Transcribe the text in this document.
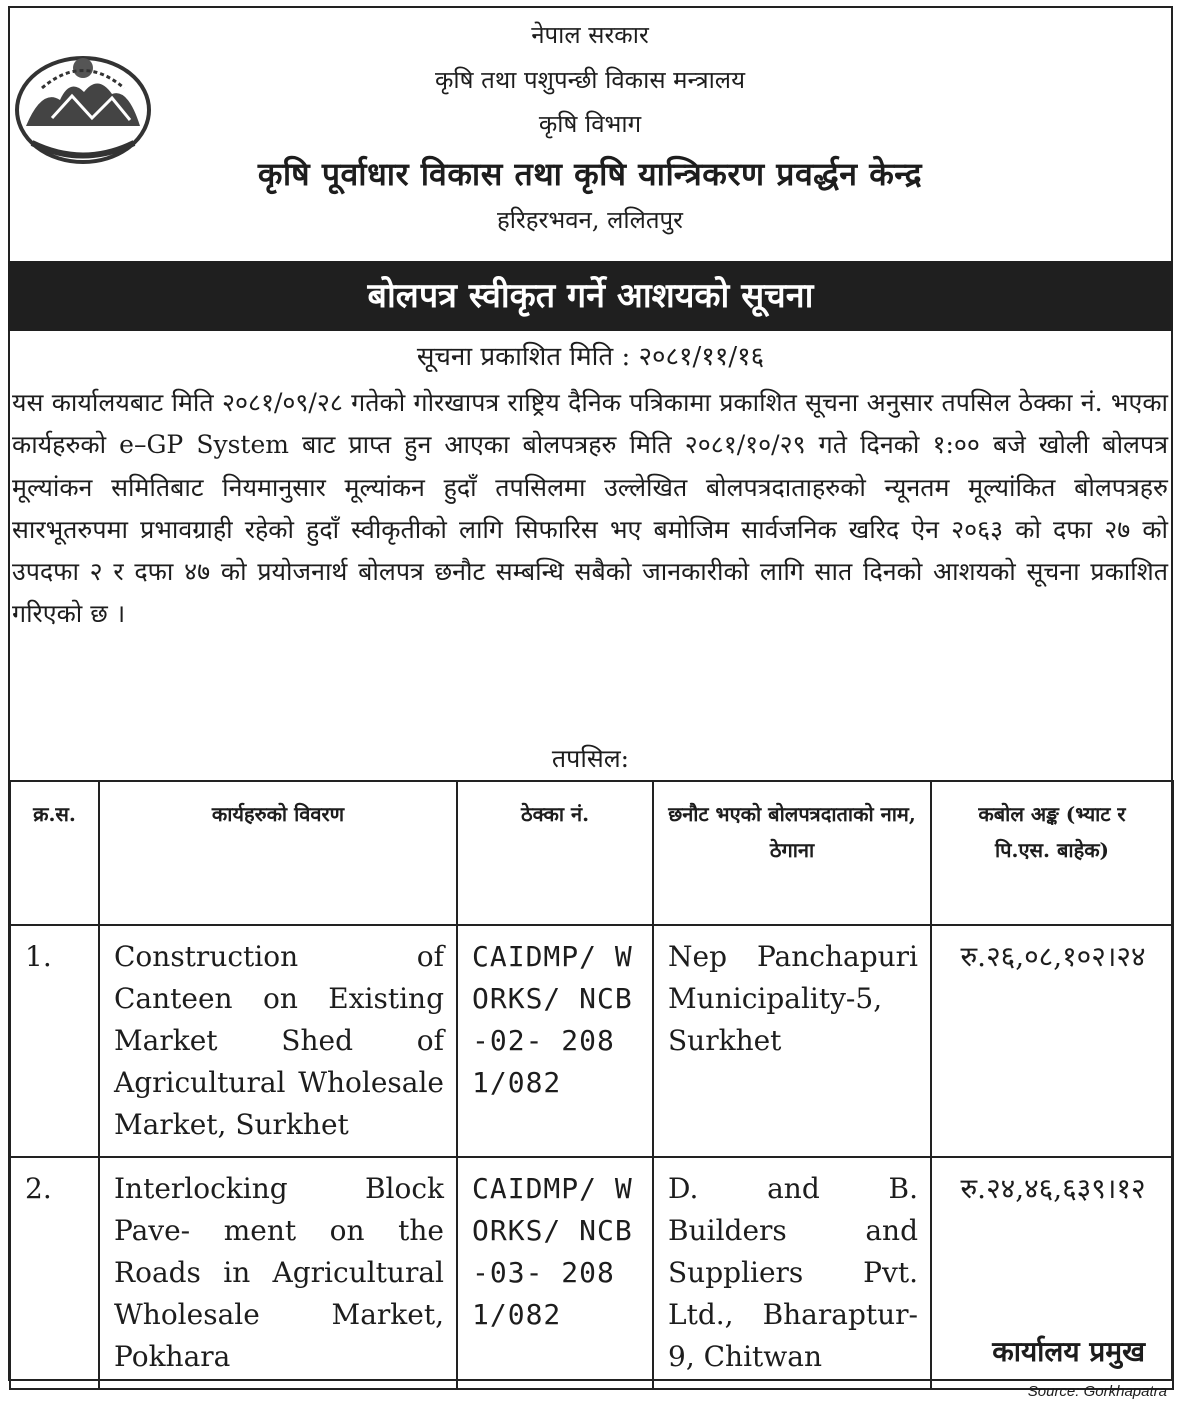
नेपाल सरकार
कृषि तथा पशुपन्छी विकास मन्त्रालय
कृषि विभाग
कृषि पूर्वाधार विकास तथा कृषि यान्त्रिकरण प्रवर्द्धन केन्द्र
हरिहरभवन, ललितपुर
बोलपत्र स्वीकृत गर्ने आशयको सूचना
सूचना प्रकाशित मिति : २०८१/११/१६
यस कार्यालयबाट मिति २०८१/०९/२८ गतेको गोरखापत्र राष्ट्रिय दैनिक पत्रिकामा प्रकाशित सूचना अनुसार तपसिल ठेक्का नं. भएका कार्यहरुको e–GP System बाट प्राप्त हुन आएका बोलपत्रहरु मिति २०८१/१०/२९ गते दिनको १:०० बजे खोली बोलपत्र मूल्यांकन समितिबाट नियमानुसार मूल्यांकन हुदाँ तपसिलमा उल्लेखित बोलपत्रदाताहरुको न्यूनतम मूल्यांकित बोलपत्रहरु सारभूतरुपमा प्रभावग्राही रहेको हुदाँ स्वीकृतीको लागि सिफारिस भए बमोजिम सार्वजनिक खरिद ऐन २०६३ को दफा २७ को उपदफा २ र दफा ४७ को प्रयोजनार्थ बोलपत्र छनौट सम्बन्धि सबैको जानकारीको लागि सात दिनको आशयको सूचना प्रकाशित गरिएको छ ।
तपसिल:
क्र.स.	कार्यहरुको विवरण	ठेक्का नं.	छनौट भएको बोलपत्रदाताको नाम, ठेगाना	कबोल अङ्क (भ्याट र पि.एस. बाहेक)
1.	Construction of Canteen on Existing Market Shed of Agricultural Wholesale Market, Surkhet	CAIDMP/ WORKS/ NCB-02- 2081/082	Nep Panchapuri Municipality-5, Surkhet	रु.२६,०८,१०२।२४
2.	Interlocking Block Pave- ment on the Roads in Agricultural Wholesale Market, Pokhara	CAIDMP/ WORKS/ NCB-03- 2081/082	D. and B. Builders and Suppliers Pvt. Ltd., Bharaptur-9, Chitwan	रु.२४,४६,६३९।१२
कार्यालय प्रमुख
Source: Gorkhapatra
